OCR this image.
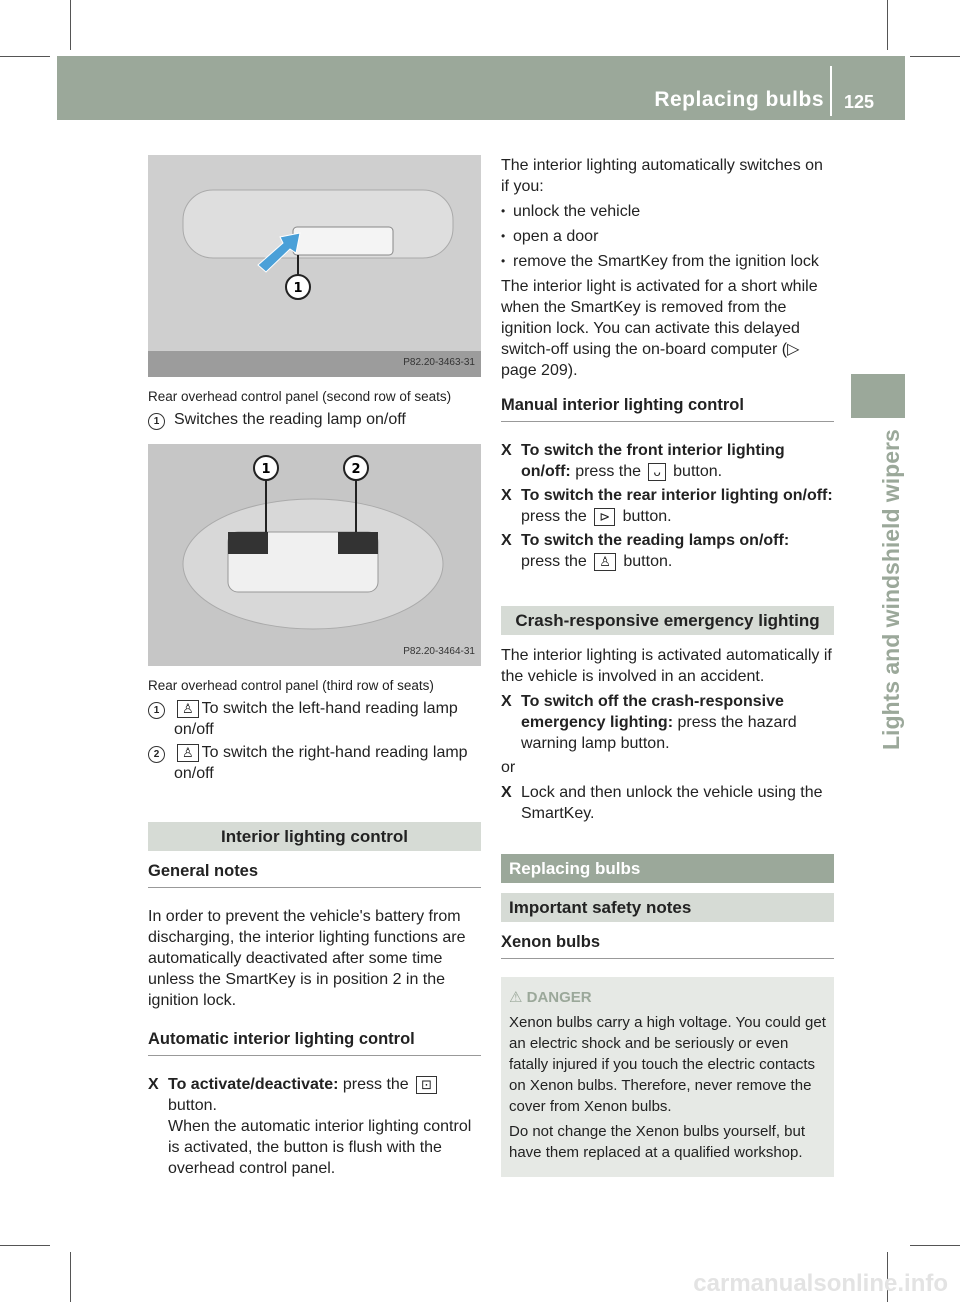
Replacing bulbs 125
Lights and windshield wipers
1
P82.20-3463-31

Rear overhead control panel (second row of seats)

1 Switches the reading lamp on/off
1	2
P82.20-3464-31

Rear overhead control panel (third row of seats)

1	♙ To switch the left-hand reading lamp on/off
2	♙ To switch the right-hand reading lamp on/off
Interior lighting control
General notes

In order to prevent the vehicle's battery from discharging, the interior lighting functions are automatically deactivated after some time unless the SmartKey is in position 2 in the ignition lock.

Automatic interior lighting control
X To activate/deactivate: press the ⊡ button.
When the automatic interior lighting control is activated, the button is flush with the overhead control panel.

The interior lighting automatically switches on if you:

• unlock the vehicle
• open a door
• remove the SmartKey from the ignition lock

The interior light is activated for a short while when the SmartKey is removed from the ignition lock. You can activate this delayed switch-off using the on-board computer (▷ page 209).

Manual interior lighting control
X To switch the front interior lighting on/off: press the ᴗ button.
X To switch the rear interior lighting on/off: press the ⊳ button.
X To switch the reading lamps on/off:
press the ♙ button.
Crash-responsive emergency lighting

The interior lighting is activated automatically if the vehicle is involved in an accident.

X To switch off the crash-responsive emergency lighting: press the hazard warning lamp button.

or

X Lock and then unlock the vehicle using the SmartKey.
Replacing bulbs
Important safety notes
Xenon bulbs
⚠ DANGER

Xenon bulbs carry a high voltage. You could get an electric shock and be seriously or even fatally injured if you touch the electric contacts on Xenon bulbs. Therefore, never remove the cover from Xenon bulbs.

Do not change the Xenon bulbs yourself, but have them replaced at a qualified workshop.

carmanualsonline.info
